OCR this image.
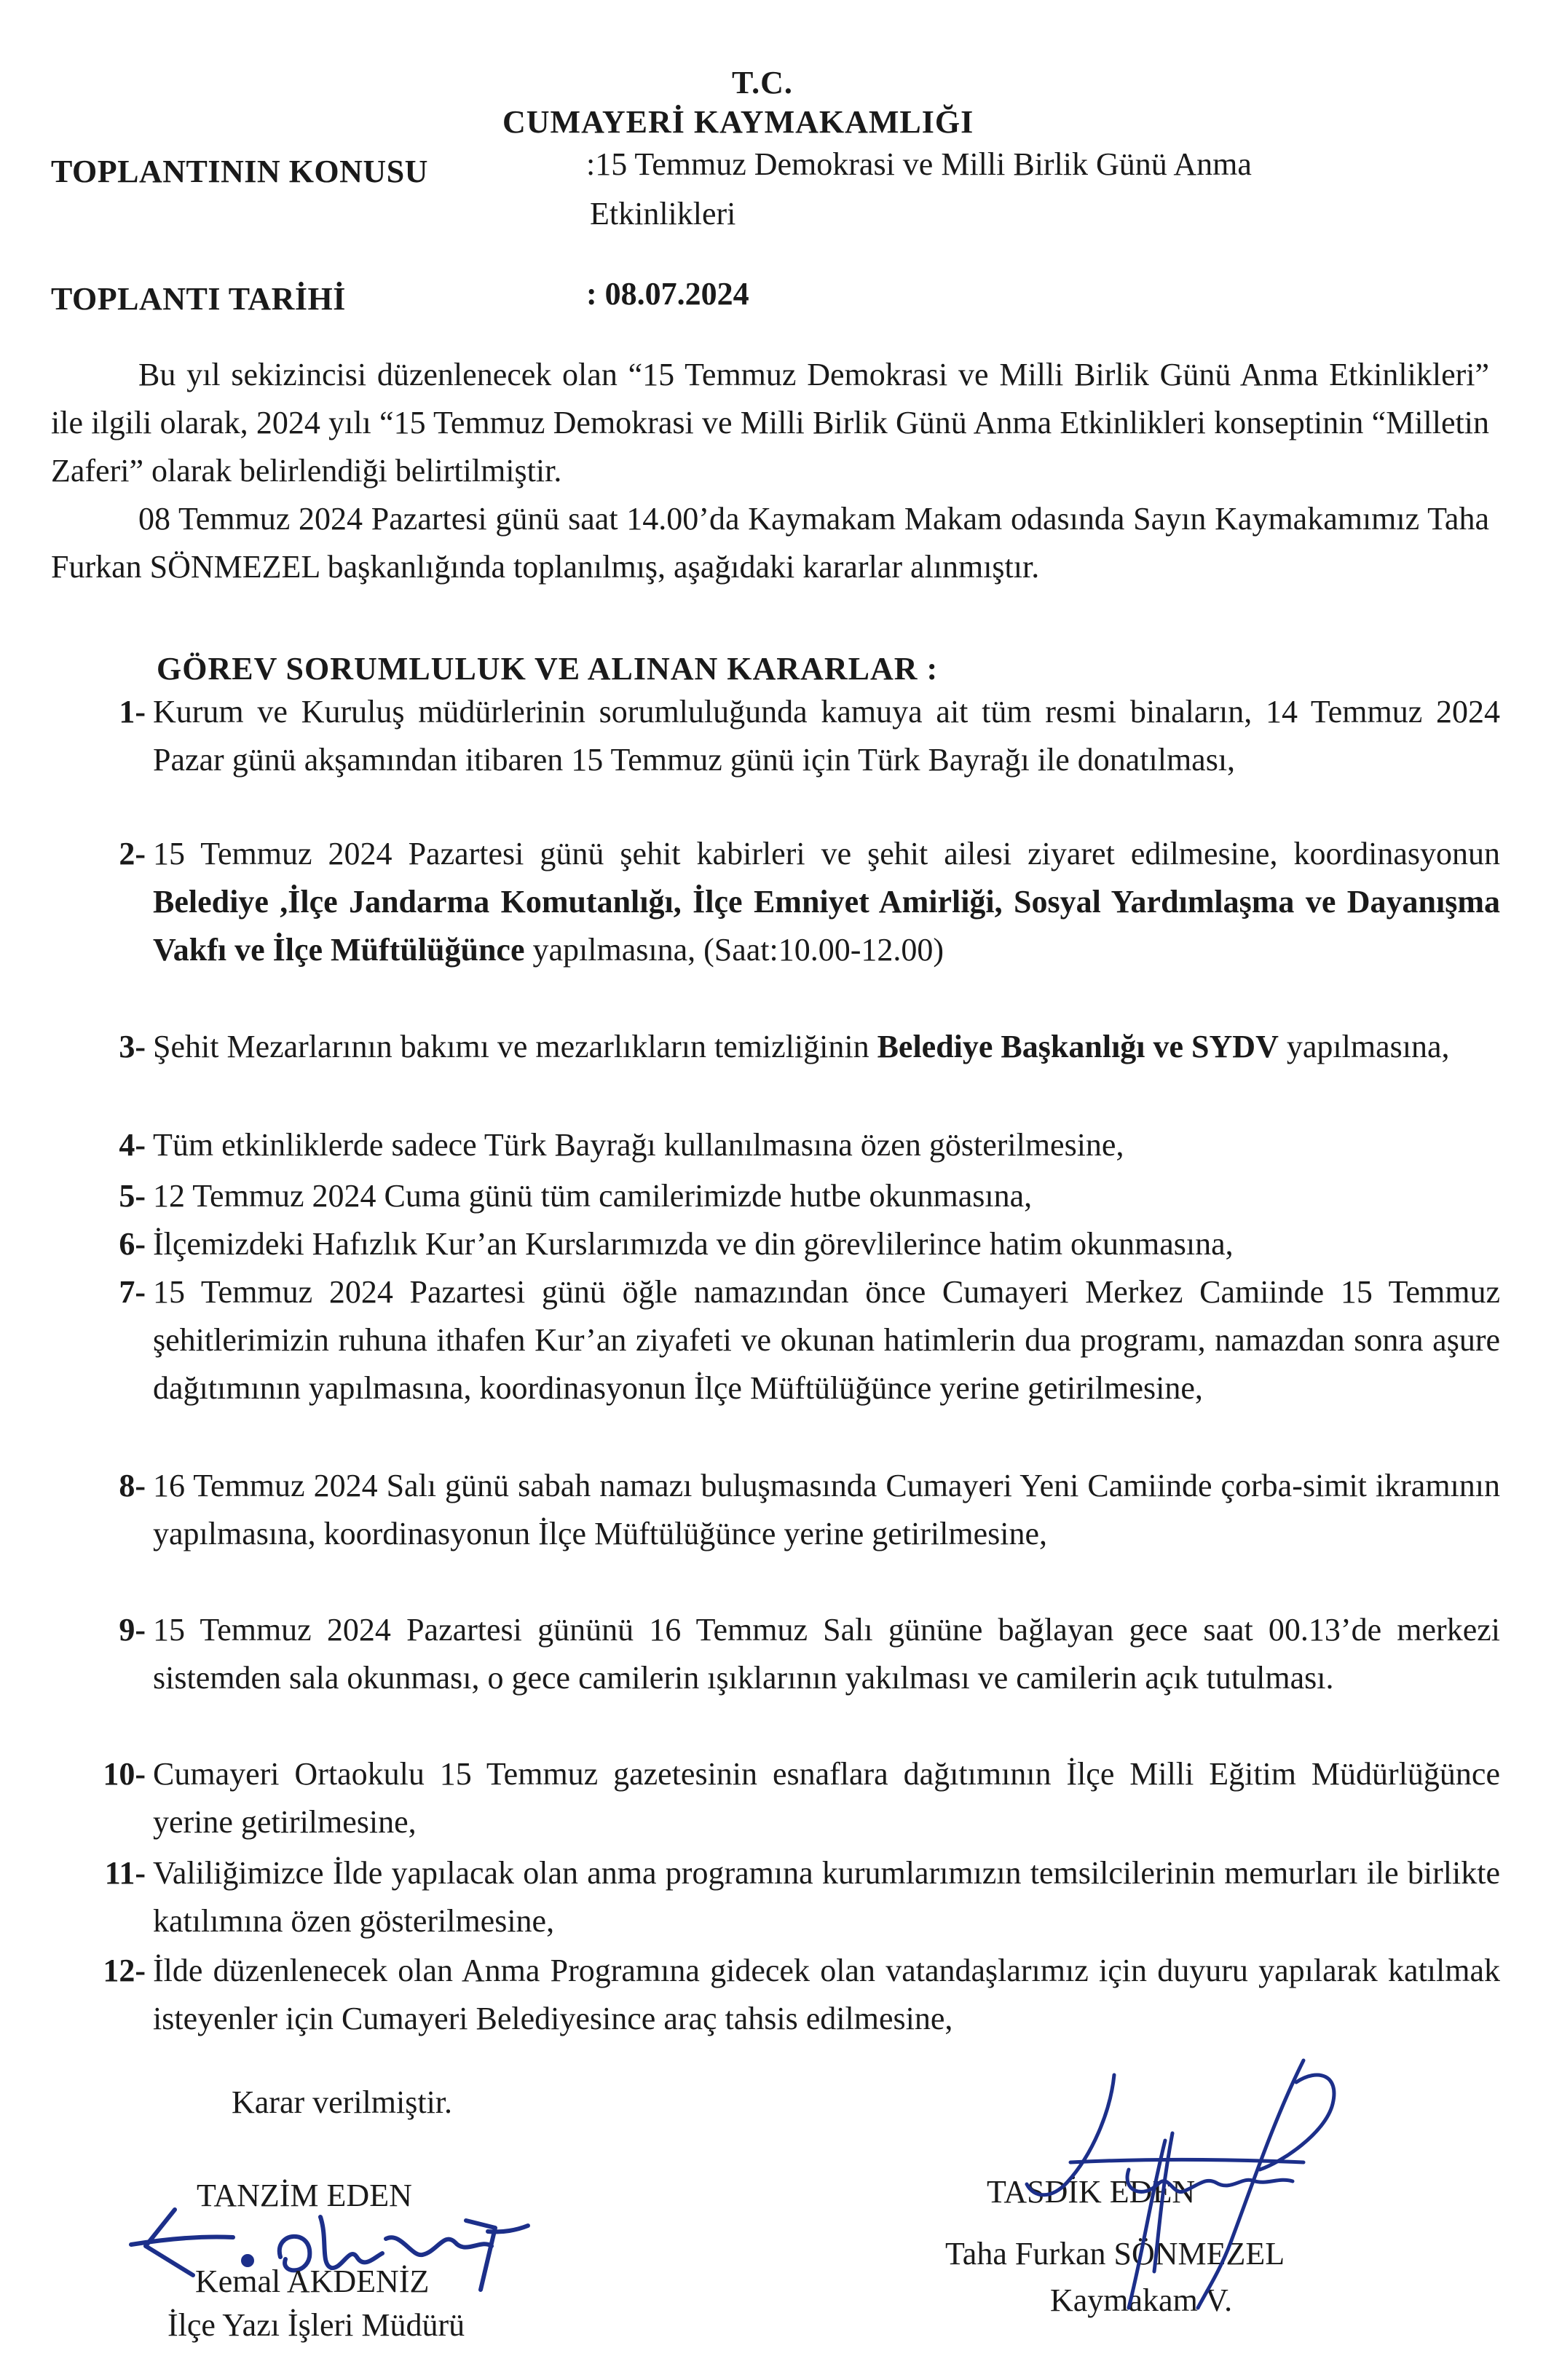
T.C.
CUMAYERİ KAYMAKAMLIĞI
TOPLANTININ KONUSU	:15 Temmuz Demokrasi ve Milli Birlik Günü Anma
Etkinlikleri
TOPLANTI TARİHİ	: 08.07.2024
Bu yıl sekizincisi düzenlenecek olan “15 Temmuz Demokrasi ve Milli Birlik Günü Anma Etkinlikleri” ile ilgili olarak, 2024 yılı “15 Temmuz Demokrasi ve Milli Birlik Günü Anma Etkinlikleri konseptinin “Milletin Zaferi” olarak belirlendiği belirtilmiştir.
08 Temmuz 2024 Pazartesi günü saat 14.00’da Kaymakam Makam odasında Sayın Kaymakamımız Taha Furkan SÖNMEZEL başkanlığında toplanılmış, aşağıdaki kararlar alınmıştır.
GÖREV SORUMLULUK VE ALINAN KARARLAR :
1- Kurum ve Kuruluş müdürlerinin sorumluluğunda kamuya ait tüm resmi binaların, 14 Temmuz 2024 Pazar günü akşamından itibaren 15 Temmuz günü için Türk Bayrağı ile donatılması,
2- 15 Temmuz 2024 Pazartesi günü şehit kabirleri ve şehit ailesi ziyaret edilmesine, koordinasyonun Belediye ,İlçe Jandarma Komutanlığı, İlçe Emniyet Amirliği, Sosyal Yardımlaşma ve Dayanışma Vakfı ve İlçe Müftülüğünce yapılmasına, (Saat:10.00-12.00)
3- Şehit Mezarlarının bakımı ve mezarlıkların temizliğinin Belediye Başkanlığı ve SYDV yapılmasına,
4- Tüm etkinliklerde sadece Türk Bayrağı kullanılmasına özen gösterilmesine,
5- 12 Temmuz 2024 Cuma günü tüm camilerimizde hutbe okunmasına,
6- İlçemizdeki Hafızlık Kur’an Kurslarımızda ve din görevlilerince hatim okunmasına,
7- 15 Temmuz 2024 Pazartesi günü öğle namazından önce Cumayeri Merkez Camiinde 15 Temmuz şehitlerimizin ruhuna ithafen Kur’an ziyafeti ve okunan hatimlerin dua programı, namazdan sonra aşure dağıtımının yapılmasına, koordinasyonun İlçe Müftülüğünce yerine getirilmesine,
8- 16 Temmuz 2024 Salı günü sabah namazı buluşmasında Cumayeri Yeni Camiinde çorba-simit ikramının yapılmasına, koordinasyonun İlçe Müftülüğünce yerine getirilmesine,
9- 15 Temmuz 2024 Pazartesi gününü 16 Temmuz Salı gününe bağlayan gece saat 00.13’de merkezi sistemden sala okunması, o gece camilerin ışıklarının yakılması ve camilerin açık tutulması.
10- Cumayeri Ortaokulu 15 Temmuz gazetesinin esnaflara dağıtımının İlçe Milli Eğitim Müdürlüğünce yerine getirilmesine,
11- Valiliğimizce İlde yapılacak olan anma programına kurumlarımızın temsilcilerinin memurları ile birlikte katılımına özen gösterilmesine,
12- İlde düzenlenecek olan Anma Programına gidecek olan vatandaşlarımız için duyuru yapılarak katılmak isteyenler için Cumayeri Belediyesince araç tahsis edilmesine,
Karar verilmiştir.
TANZİM EDEN
Kemal AKDENİZ
İlçe Yazı İşleri Müdürü
TASDİK EDEN
Taha Furkan SÖNMEZEL
Kaymakam V.
